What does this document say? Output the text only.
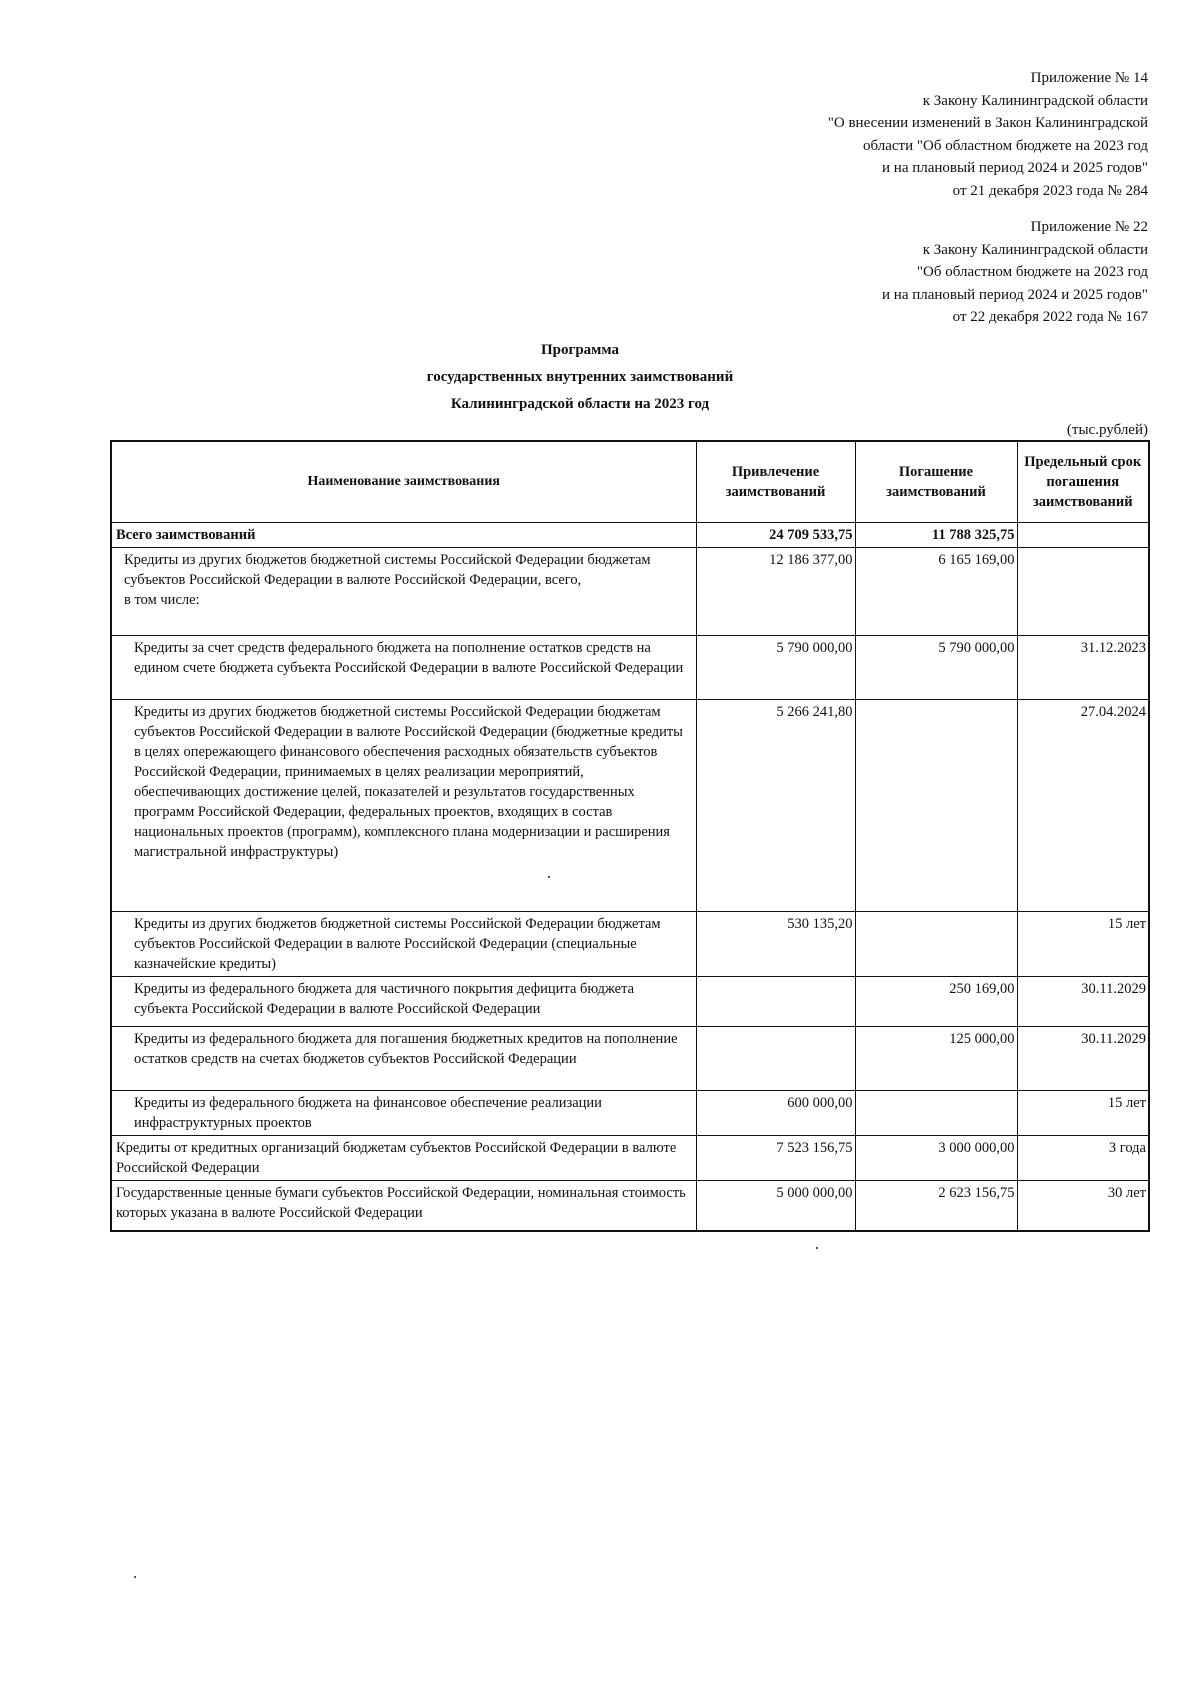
Приложение № 14
к Закону Калининградской области
"О внесении изменений в Закон Калининградской
области "Об областном бюджете на 2023 год
и на плановый период 2024 и 2025 годов"
от 21 декабря 2023 года № 284
Приложение № 22
к Закону Калининградской области
"Об областном бюджете на 2023 год
и на плановый период 2024 и 2025 годов"
от 22 декабря 2022 года № 167
Программа
государственных внутренних заимствований
Калининградской области на 2023 год
(тыс.рублей)
Наименование заимствования	Привлечение заимствований	Погашение заимствований	Предельный срок погашения заимствований
Всего заимствований	24 709 533,75	11 788 325,75	
Кредиты из других бюджетов бюджетной системы Российской Федерации бюджетам субъектов Российской Федерации в валюте Российской Федерации, всего,
в том числе:	12 186 377,00	6 165 169,00	
Кредиты за счет средств федерального бюджета на пополнение остатков средств на едином счете бюджета субъекта Российской Федерации в валюте Российской Федерации	5 790 000,00	5 790 000,00	31.12.2023
Кредиты из других бюджетов бюджетной системы Российской Федерации бюджетам субъектов Российской Федерации в валюте Российской Федерации (бюджетные кредиты в целях опережающего финансового обеспечения расходных обязательств субъектов Российской Федерации, принимаемых в целях реализации мероприятий, обеспечивающих достижение целей, показателей и результатов государственных программ Российской Федерации, федеральных проектов, входящих в состав национальных проектов (программ), комплексного плана модернизации и расширения магистральной инфраструктуры)	5 266 241,80		27.04.2024
Кредиты из других бюджетов бюджетной системы Российской Федерации бюджетам субъектов Российской Федерации в валюте Российской Федерации (специальные казначейские кредиты)	530 135,20		15 лет
Кредиты из федерального бюджета для частичного покрытия дефицита бюджета субъекта Российской Федерации в валюте Российской Федерации		250 169,00	30.11.2029
Кредиты из федерального бюджета для погашения бюджетных кредитов на пополнение остатков средств на счетах бюджетов субъектов Российской Федерации		125 000,00	30.11.2029
Кредиты из федерального бюджета на финансовое обеспечение реализации инфраструктурных проектов	600 000,00		15 лет
Кредиты от кредитных организаций бюджетам субъектов Российской Федерации в валюте Российской Федерации	7 523 156,75	3 000 000,00	3 года
Государственные ценные бумаги субъектов Российской Федерации, номинальная стоимость которых указана в валюте Российской Федерации	5 000 000,00	2 623 156,75	30 лет
